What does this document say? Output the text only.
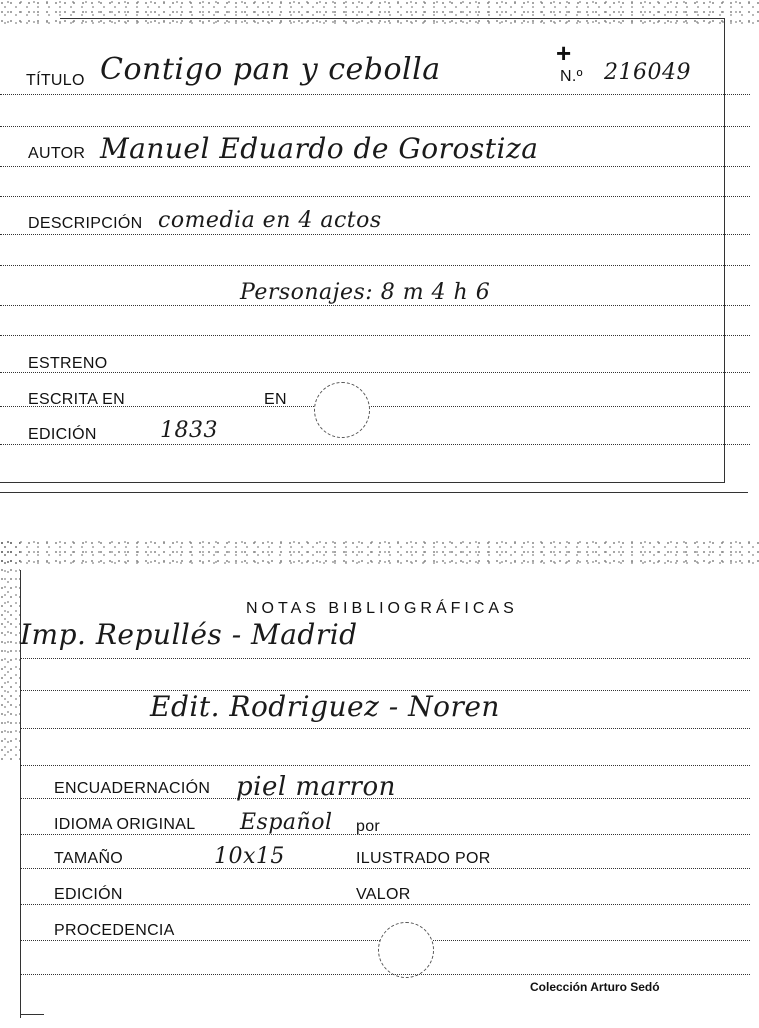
TÍTULO Contigo pan y cebolla	+
N.º 216049
AUTOR Manuel Eduardo de Gorostiza
DESCRIPCIÓN comedia en 4 actos
Personajes: 8 m 4 h 6
ESTRENO
ESCRITA EN	EN
EDICIÓN	1833
NOTAS BIBLIOGRÁFICAS
Imp. Repullés - Madrid
Edit. Rodriguez - Noren
ENCUADERNACIÓN piel marron
IDIOMA ORIGINAL Español por
TAMAÑO	10x15	ILUSTRADO POR
EDICIÓN	VALOR
PROCEDENCIA
Colección Arturo Sedó
